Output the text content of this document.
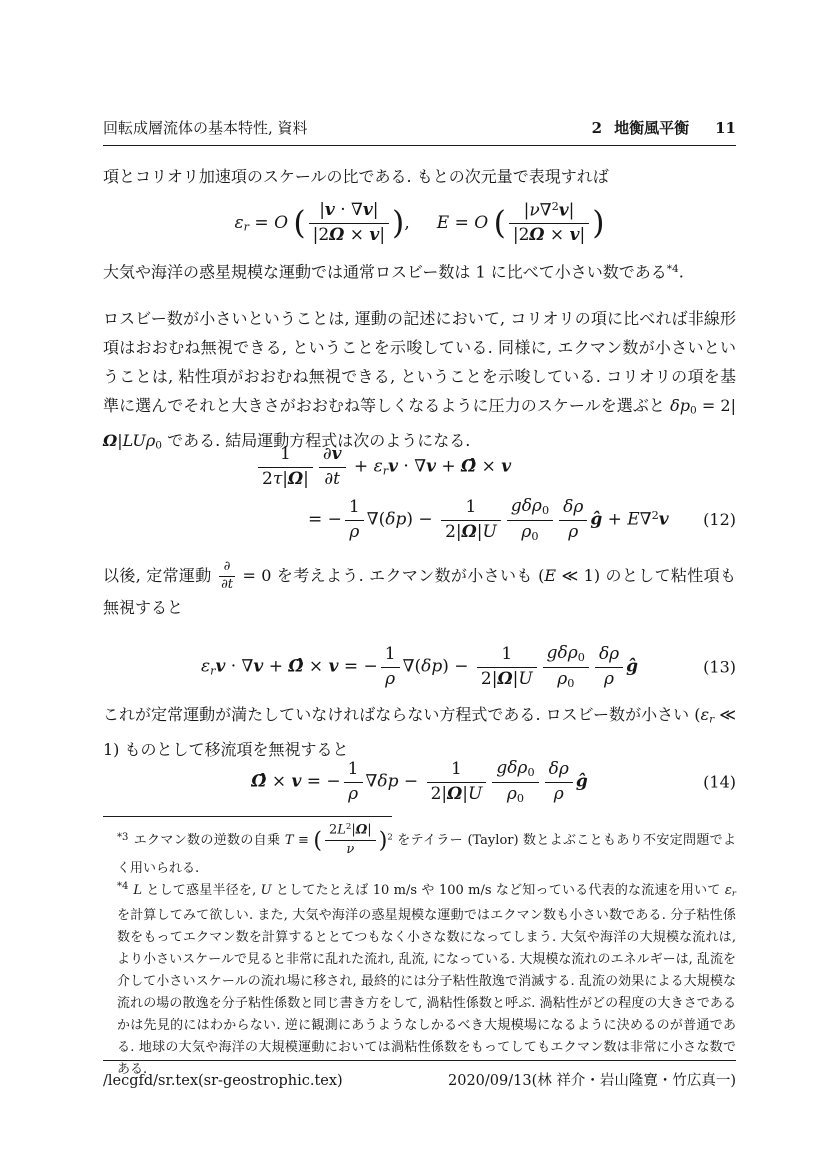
回転成層流体の基本特性, 資料	2 地衡風平衡 11

項とコリオリ加速項のスケールの比である. もとの次元量で表現すれば

$\varepsilon_r = O$ ( $\frac{|v \cdot \nabla v|}{|2\Omega \times v|}$ ),     E = O ( $\frac{|\nu\nabla^2v|}{|2\Omega \times v|}$ )

大気や海洋の惑星規模な運動では通常ロスビー数は 1 に比べて小さい数である$^{*4}$.

ロスビー数が小さいということは, 運動の記述において, コリオリの項に比べれば非線形項はおおむね無視できる, ということを示唆している. 同様に, エクマン数が小さいということは, 粘性項がおおむね無視できる, ということを示唆している. コリオリの項を基準に選んでそれと大きさがおおむね等しくなるように圧力のスケールを選ぶと $\delta p_0 = 2|\Omega|LU\rho_0$ である. 結局運動方程式は次のようになる.

$\frac{1}{2\tau|\Omega|} \frac{\partial v}{\partial t} + \varepsilon_rv \cdot \nabla v$ + Ω̂ × v
= − $\frac{1}{\rho} \nabla(\delta p) - \frac{1}{2|\Omega|U} \frac{g\delta\rho_0}{\rho_0} \frac{\delta\rho}{\rho}$ ĝ + E∇$^2$v	(12)

以後, 定常運動 $\frac{\partial}{\partial t} = 0$ を考えよう. エクマン数が小さいも (E ≪ 1) のとして粘性項も無視すると

$\varepsilon_rv \cdot \nabla v$ + Ω̂ × v = − $\frac{1}{\rho} \nabla(\delta p) - \frac{1}{2|\Omega|U} \frac{g\delta\rho_0}{\rho_0} \frac{\delta\rho}{\rho}$ ĝ	(13)

これが定常運動が満たしていなければならない方程式である. ロスビー数が小さい ($\varepsilon_r$ ≪ 1) ものとして移流項を無視すると

Ω̂ × v = − $\frac{1}{\rho} \nabla\delta p - \frac{1}{2|\Omega|U} \frac{g\delta\rho_0}{\rho_0} \frac{\delta\rho}{\rho}$ ĝ	(14)

$^{*3}$ エクマン数の逆数の自乗 T ≡ ( $\frac{2L^2|\Omega|}{\nu} )^2$ をテイラー (Taylor) 数とよぶこともあり不安定問題でよく用いられる.

$^{*4}$ L として惑星半径を, U としてたとえば 10 m/s や 100 m/s など知っている代表的な流速を用いて $\varepsilon_r$ を計算してみて欲しい. また, 大気や海洋の惑星規模な運動ではエクマン数も小さい数である. 分子粘性係数をもってエクマン数を計算するととてつもなく小さな数になってしまう. 大気や海洋の大規模な流れは, より小さいスケールで見ると非常に乱れた流れ, 乱流, になっている. 大規模な流れのエネルギーは, 乱流を介して小さいスケールの流れ場に移され, 最終的には分子粘性散逸で消滅する. 乱流の効果による大規模な流れの場の散逸を分子粘性係数と同じ書き方をして, 渦粘性係数と呼ぶ. 渦粘性がどの程度の大きさであるかは先見的にはわからない. 逆に観測にあうようなしかるべき大規模場になるように決めるのが普通である. 地球の大気や海洋の大規模運動においては渦粘性係数をもってしてもエクマン数は非常に小さな数である.

/lecgfd/sr.tex(sr-geostrophic.tex)	2020/09/13(林 祥介・岩山隆寛・竹広真一)
